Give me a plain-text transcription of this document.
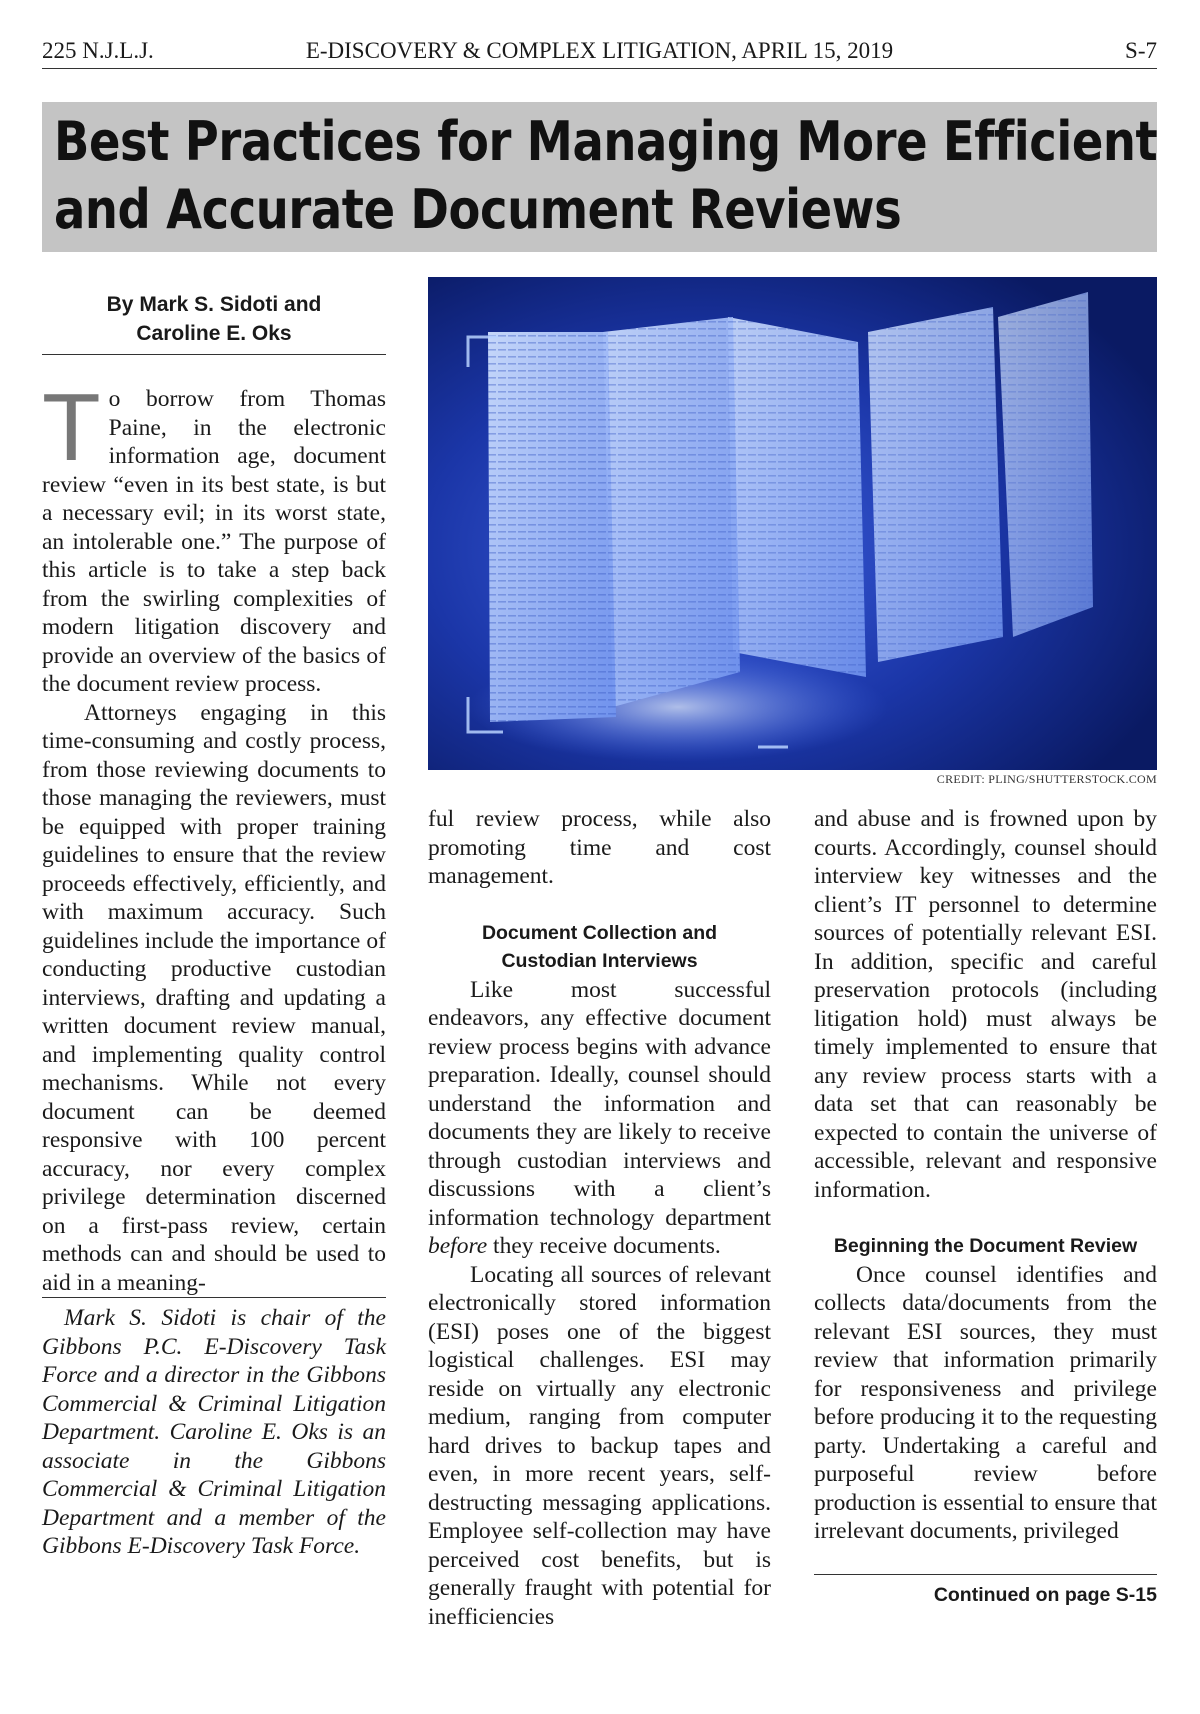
225 N.J.L.J.	E-DISCOVERY & COMPLEX LITIGATION, APRIL 15, 2019	S-7
Best Practices for Managing More Efficient
and Accurate Document Reviews
By Mark S. Sidoti and
Caroline E. Oks

To borrow from Thomas Paine, in the electronic information age, document review “even in its best state, is but a necessary evil; in its worst state, an intolerable one.” The purpose of this article is to take a step back from the swirling complexities of modern litigation discovery and provide an overview of the basics of the document review process.

Attorneys engaging in this time-consuming and costly process, from those reviewing documents to those managing the reviewers, must be equipped with proper training guidelines to ensure that the review proceeds effectively, efficiently, and with maximum accuracy. Such guidelines include the importance of conducting productive custodian interviews, drafting and updating a written document review manual, and implementing quality control mechanisms. While not every document can be deemed responsive with 100 percent accuracy, nor every complex privilege determination discerned on a first-pass review, certain methods can and should be used to aid in a meaning-

Mark S. Sidoti is chair of the Gibbons P.C. E-Discovery Task Force and a director in the Gibbons Commercial & Criminal Litigation Department. Caroline E. Oks is an associate in the Gibbons Commercial & Criminal Litigation Department and a member of the Gibbons E-Discovery Task Force.

CREDIT: PLING/SHUTTERSTOCK.COM

ful review process, while also promoting time and cost management.

Document Collection and
Custodian Interviews

Like most successful endeavors, any effective document review process begins with advance preparation. Ideally, counsel should understand the information and documents they are likely to receive through custodian interviews and discussions with a client’s information technology department before they receive documents.

Locating all sources of relevant electronically stored information (ESI) poses one of the biggest logistical challenges. ESI may reside on virtually any electronic medium, ranging from computer hard drives to backup tapes and even, in more recent years, self-destructing messaging applications. Employee self-collection may have perceived cost benefits, but is generally fraught with potential for inefficiencies

and abuse and is frowned upon by courts. Accordingly, counsel should interview key witnesses and the client’s IT personnel to determine sources of potentially relevant ESI. In addition, specific and careful preservation protocols (including litigation hold) must always be timely implemented to ensure that any review process starts with a data set that can reasonably be expected to contain the universe of accessible, relevant and responsive information.

Beginning the Document Review

Once counsel identifies and collects data/documents from the relevant ESI sources, they must review that information primarily for responsiveness and privilege before producing it to the requesting party. Undertaking a careful and purposeful review before production is essential to ensure that irrelevant documents, privileged

Continued on page S-15
